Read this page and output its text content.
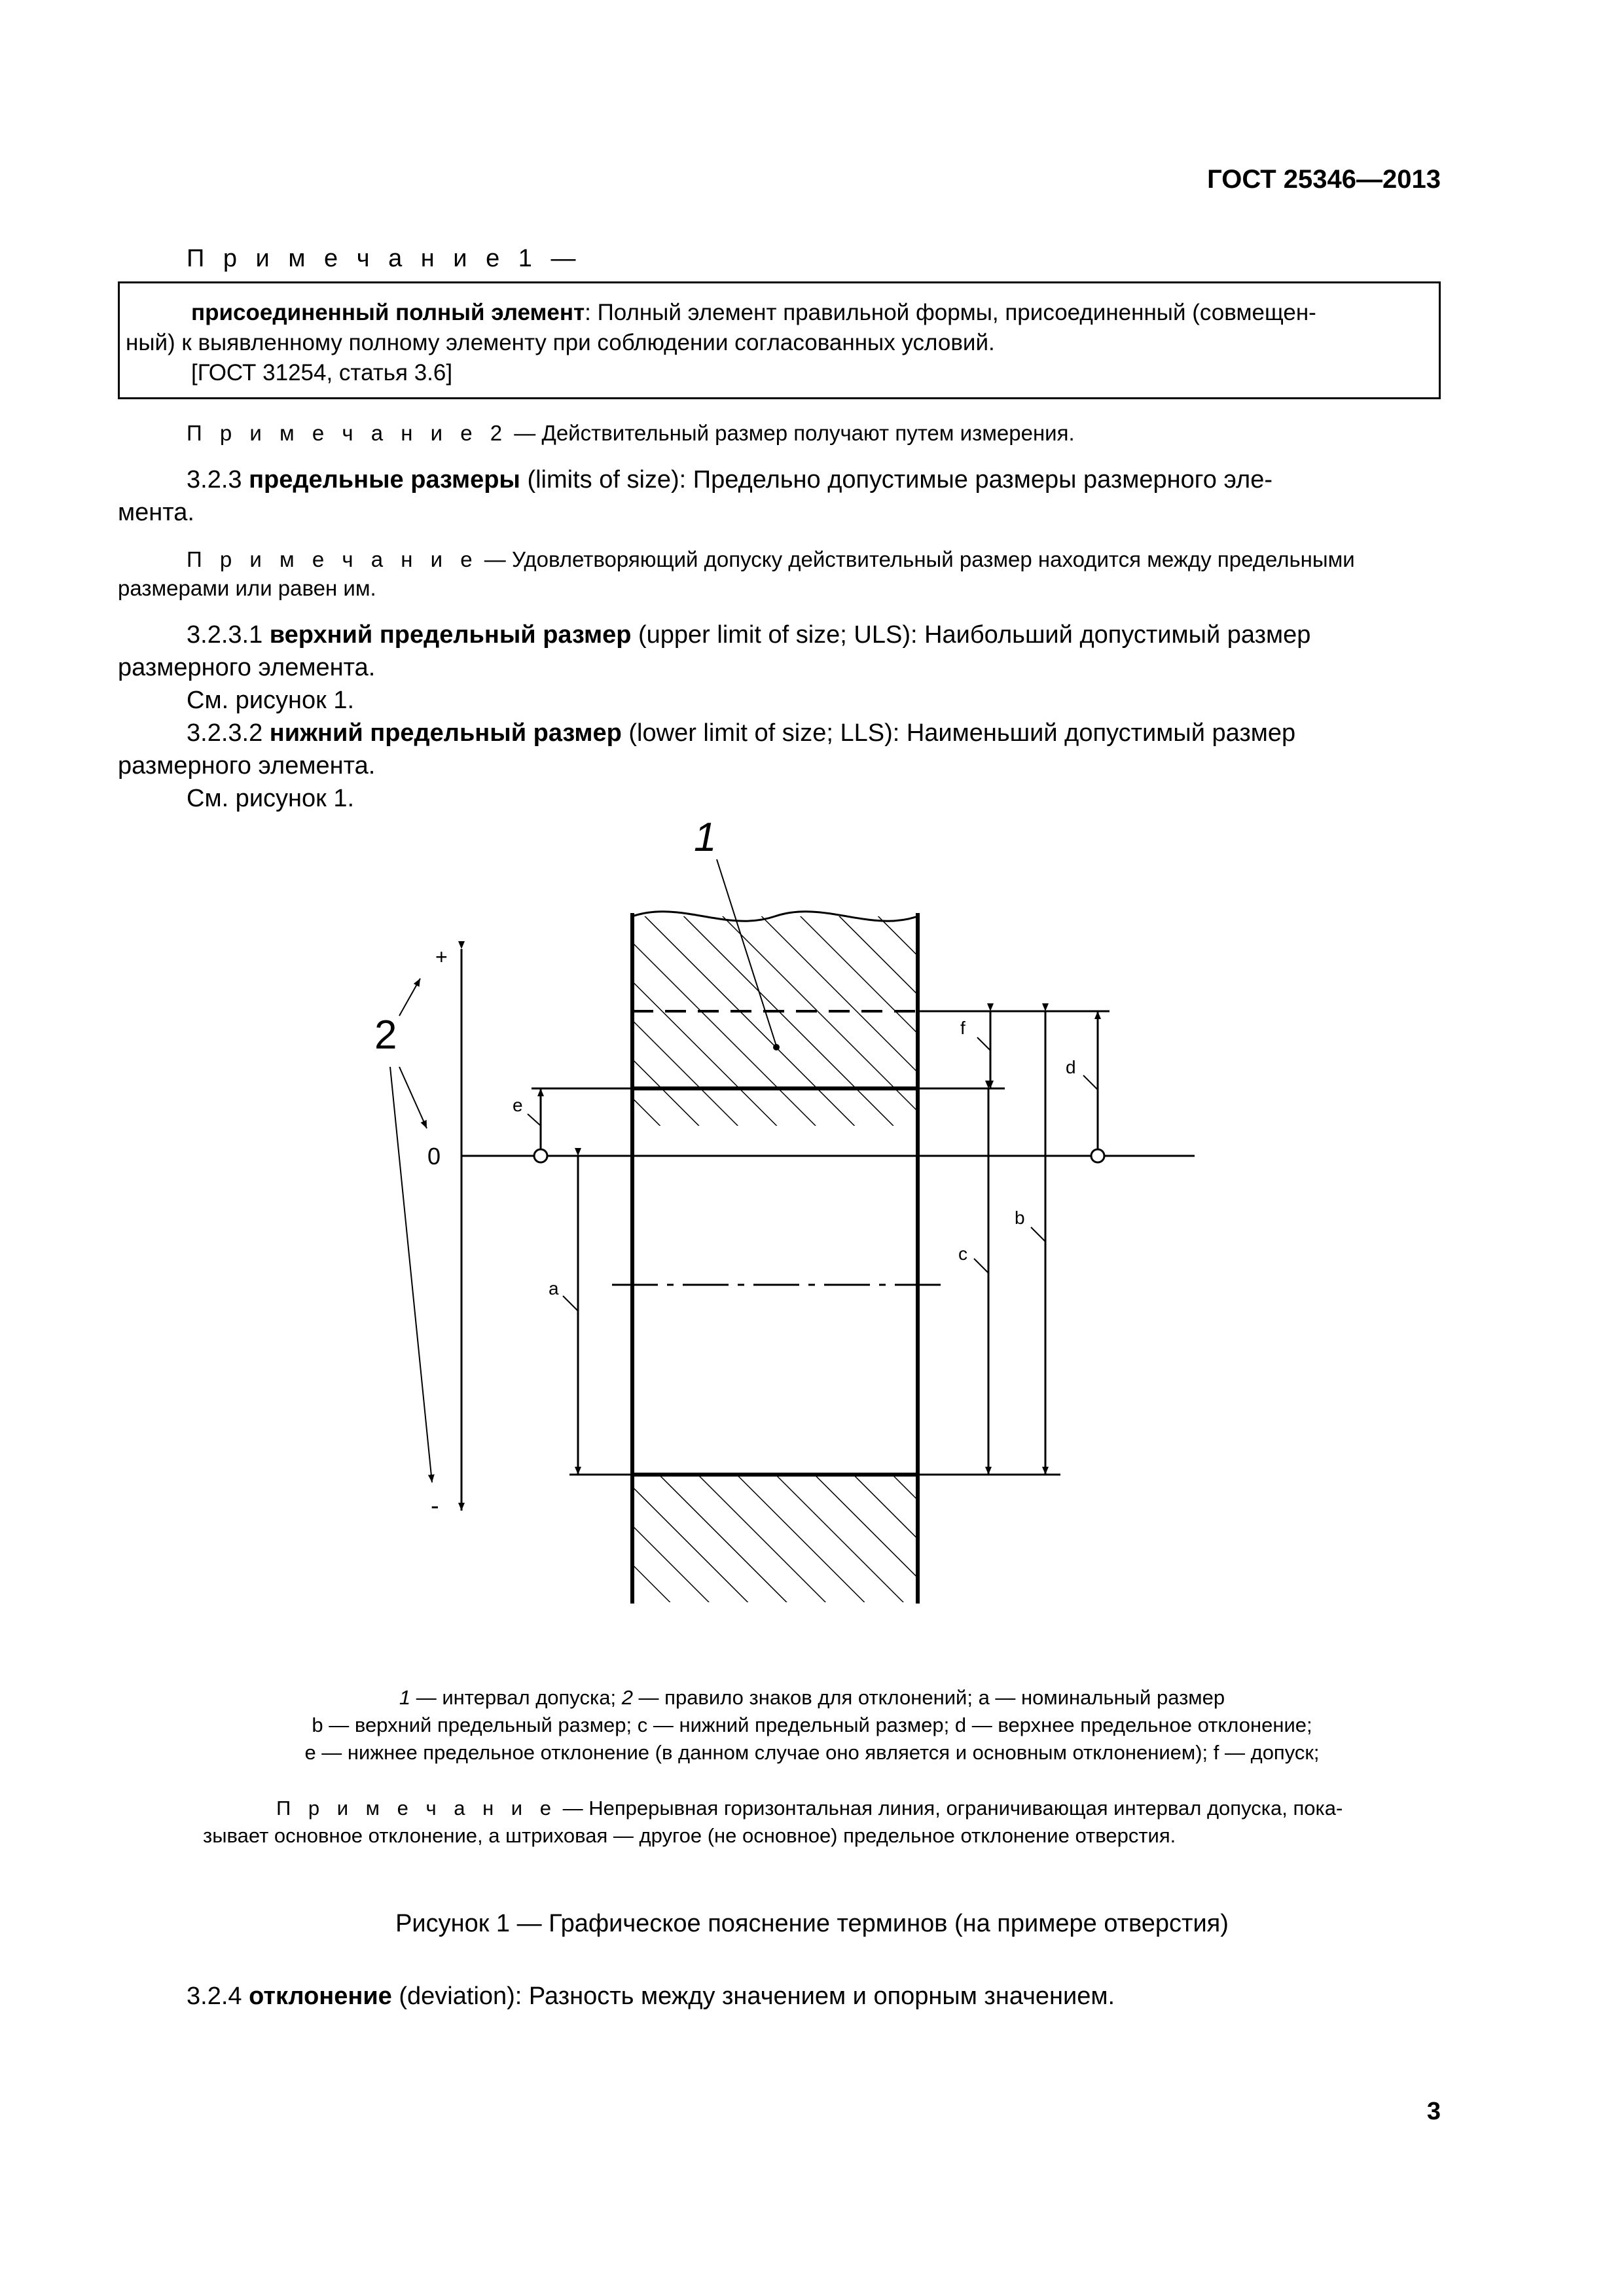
ГОСТ 25346—2013
П р и м е ч а н и е 1 —
присоединенный полный элемент: Полный элемент правильной формы, присоединенный (совмещен-
ный) к выявленному полному элементу при соблюдении согласованных условий.
[ГОСТ 31254, статья 3.6]
П р и м е ч а н и е 2 — Действительный размер получают путем измерения.
3.2.3 предельные размеры (limits of size): Предельно допустимые размеры размерного эле-
мента.
П р и м е ч а н и е — Удовлетворяющий допуску действительный размер находится между предельными
размерами или равен им.
3.2.3.1 верхний предельный размер (upper limit of size; ULS): Наибольший допустимый размер
размерного элемента.
См. рисунок 1.
3.2.3.2 нижний предельный размер (lower limit of size; LLS): Наименьший допустимый размер
размерного элемента.
См. рисунок 1.
+
-
0
2
1
a
e
f
c
b
d
1 — интервал допуска; 2 — правило знаков для отклонений; a — номинальный размер
b — верхний предельный размер; c — нижний предельный размер; d — верхнее предельное отклонение;
e — нижнее предельное отклонение (в данном случае оно является и основным отклонением); f — допуск;
П р и м е ч а н и е — Непрерывная горизонтальная линия, ограничивающая интервал допуска, пока-
зывает основное отклонение, а штриховая — другое (не основное) предельное отклонение отверстия.
Рисунок 1 — Графическое пояснение терминов (на примере отверстия)
3.2.4 отклонение (deviation): Разность между значением и опорным значением.
3
